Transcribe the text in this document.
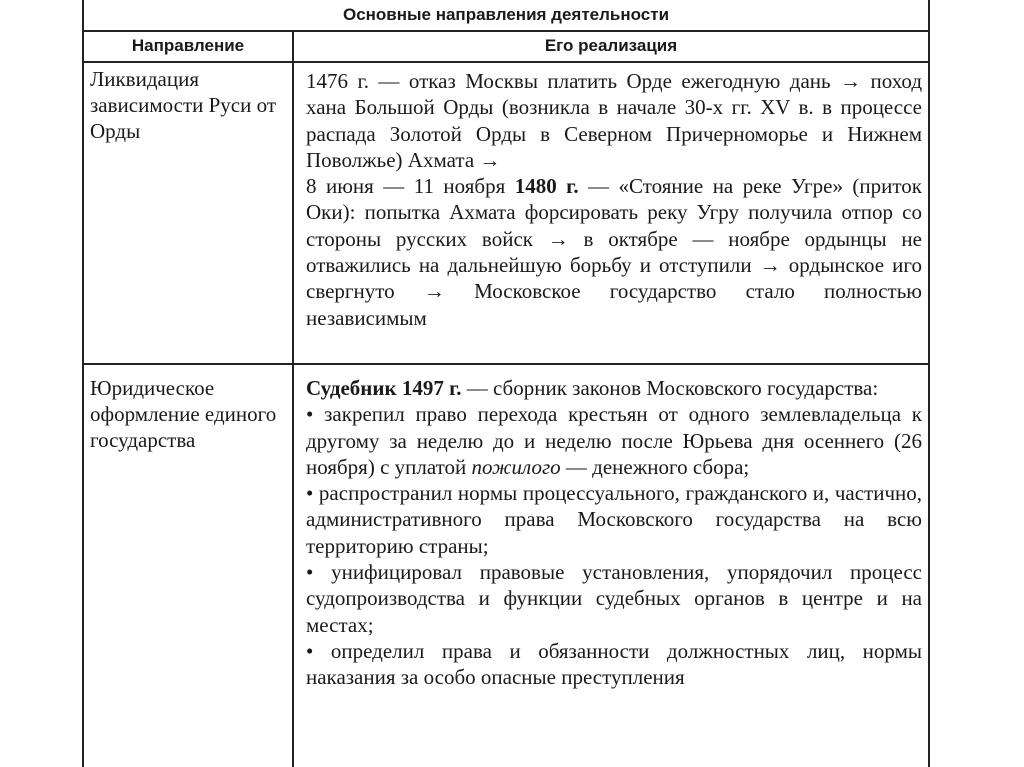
Основные направления деятельности
Направление	Его реализация
Ликвидация зависимости Руси от Орды

1476 г. — отказ Москвы платить Орде ежегодную дань → поход хана Большой Орды (возникла в начале 30-х гг. XV в. в процессе распада Золотой Орды в Северном Причерноморье и Нижнем Поволжье) Ахмата →

8 июня — 11 ноября 1480 г. — «Стояние на реке Угре» (приток Оки): попытка Ахмата форсировать реку Угру получила отпор со стороны русских войск → в октябре — ноябре ордынцы не отважились на дальнейшую борьбу и отступили → ордынское иго свергнуто → Московское государство стало полностью независимым

Юридическое оформление единого государства

Судебник 1497 г. — сборник законов Московского государства:

• закрепил право перехода крестьян от одного землевладельца к другому за неделю до и неделю после Юрьева дня осеннего (26 ноября) с уплатой пожилого — денежного сбора;

• распространил нормы процессуального, гражданского и, частично, административного права Московского государства на всю территорию страны;

• унифицировал правовые установления, упорядочил процесс судопроизводства и функции судебных органов в центре и на местах;

• определил права и обязанности должностных лиц, нормы наказания за особо опасные преступления
